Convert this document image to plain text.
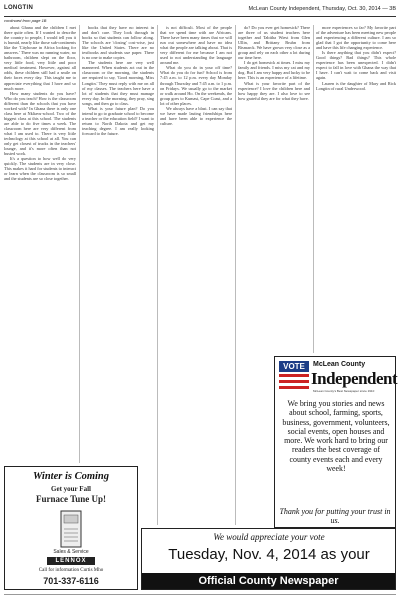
LONGTIN	McLean County Independent, Thursday, Oct. 30, 2014 — 3B
continued from page 1B

about Ghana and the children I met there quite often. If I wanted to describe the country to people, I would tell you it is humid, nearly like those sub-continents like the 'Cityhouse in Africa looking for answers.' There was no running water, no bathroom, children slept on the floor, very little food, very little and poor medical treatment. However, against all odds, these children still had a smile on their faces every day. This taught me to appreciate everything that I have and so much more.

How many students do you have? Who do you teach? How is the classroom different than the schools that you have worked with? In Ghana there is only one class here at Nkliavu-school. Two of the biggest class at this school. The students are able to do five times a week. The classroom here are very different from what I am used to. There is very little technology at this school at all. You can only get closest of trucks in the teachers' lounge, and it's more often than not busted work.

It's a question to how well do very quickly. The students are in very close. This makes it hard for students to interact or learn when the classroom is so small and the students are so close together.

books that they have no interest in and don't care. They look through in books so that students can follow along. The schools are 'closing' cost-wise, just like the United States. There are no textbooks and students use paper. There is no one to make copies.

The students here are very well mannered. When students act out in the classroom or the morning, the students are required to say, 'Good morning, Miss Longtin.' They must reply with me on all of my classes. The teachers here have a lot of students that they must manage every day. In the morning, they pray, sing songs, and then go to class.

What is your future plan? Do you intend to go to graduate school to become a teacher or the education field? I want to return to North Dakota and get my teaching degree. I am really looking forward to the future.

is not difficult. Most of the people that we spend time with are Africans. There have been many times that we will run out somewhere and have no idea what the people are talking about. That is very different for me because I am not used to not understanding the language around me.

What do you do in your off time? What do you do for fun? School is from 7:45 a.m. to 12 p.m. every day Monday through Thursday and 7:45 a.m. to 1 p.m. on Fridays. We usually go to the market or walk around Ho. On the weekends, the group goes to Kumasi, Cape Coast, and a lot of other places.

We always have a blast. I can say that we have made lasting friendships here and have been able to experience the culture.

do? Do you ever get homesick? There are three of us student teachers here together and Tabitha Wiest from Glen Ullin, and Brittany Bruhn from Bismarck. We have grown very close as a group and rely on each other a lot during our time here.

I do get homesick at times. I miss my family and friends. I miss my cat and my dog. But I am very happy and lucky to be here. This is an experience of a lifetime.

What is your favorite part of the experience? I love the children here and how happy they are. I also love to see how grateful they are for what they have.

more experiences so far? My favorite part of the adventure has been meeting new people and experiencing a different culture. I am so glad that I got the opportunity to come here and have this life changing experience.

Is there anything that you didn't expect? Good things? Bad things? This whole experience has been unexpected. I didn't expect to fall in love with Ghana the way that I have. I can't wait to come back and visit again.

Lauren is the daughter of Mary and Rick Longtin of rural Underwood.

VOTE	McLean County
Independent
McLean County's Best Newspaper since 1910
We bring you stories and news about school, farming, sports, business, government, volunteers, social events, open houses and more. We work hard to bring our readers the best coverage of county events each and every week!
Thank you for putting your trust in us.
Winter is Coming
Get your Fall
Furnace Tune Up!
Sales & Service
LENNOX
Call for information Curtis Mho
701-337-6116
We would appreciate your vote
Tuesday, Nov. 4, 2014 as your
Official County Newspaper
